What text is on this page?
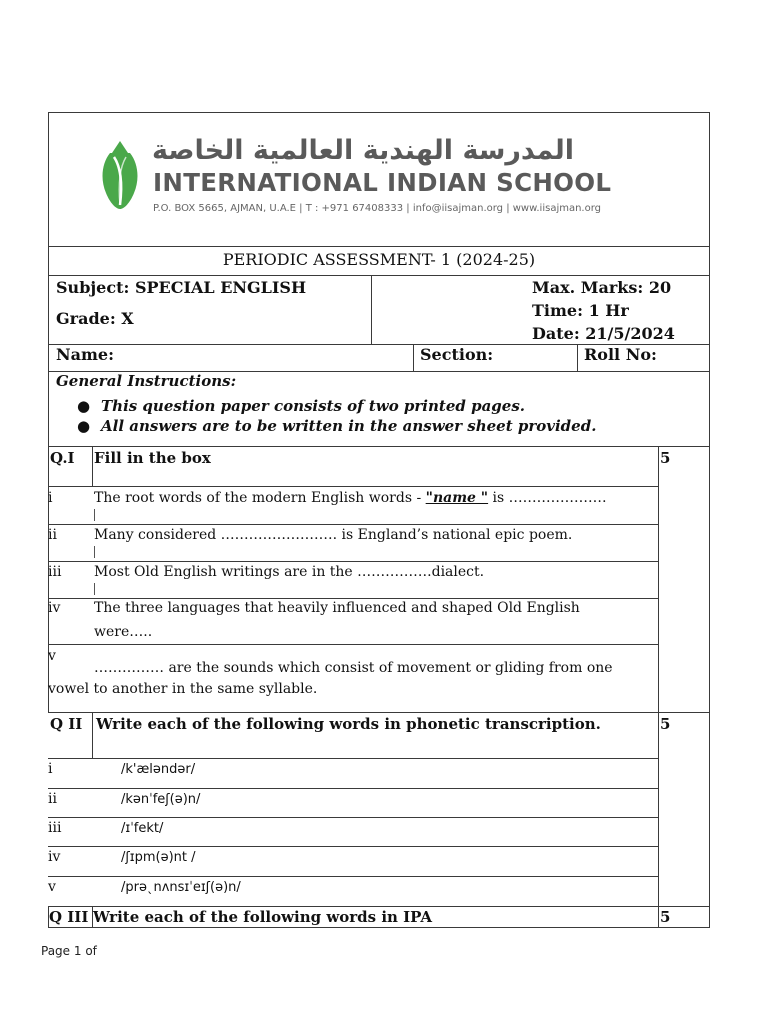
المدرسة الهندية العالمية الخاصة
INTERNATIONAL INDIAN SCHOOL
P.O. BOX 5665, AJMAN, U.A.E | T : +971 67408333 | info@iisajman.org | www.iisajman.org
PERIODIC ASSESSMENT- 1 (2024-25)
Subject: SPECIAL ENGLISH
Grade: X
Max. Marks: 20
Time: 1 Hr
Date: 21/5/2024
Name:	Section:	Roll No:
General Instructions:
● This question paper consists of two printed pages.
● All answers are to be written in the answer sheet provided.
Q.I Fill in the box	5
i	The root words of the modern English words - "name " is …………………
ii	Many considered ……………………. is England’s national epic poem.
iii Most Old English writings are in the …………….dialect.
iv The three languages that heavily influenced and shaped Old English
were…..
v
…………… are the sounds which consist of movement or gliding from one
vowel to another in the same syllable.
Q II Write each of the following words in phonetic transcription.	5
i	/k'æləndər/
ii	/kənˈfeʃ(ə)n/
iii	/ɪˈfekt/
iv	/ʃɪpm(ə)nt /
v	/prəˎnʌnsɪˈeɪʃ(ə)n/
Q III Write each of the following words in IPA	5
Page 1 of
